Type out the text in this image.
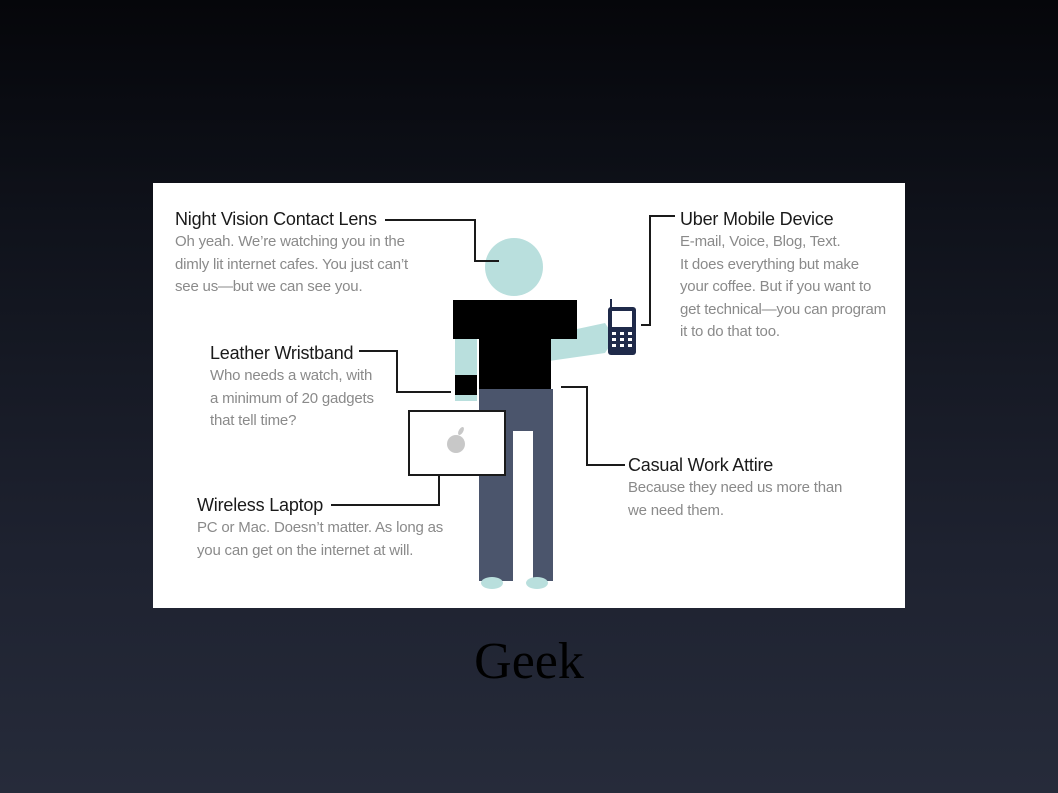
Night Vision Contact Lens
Oh yeah. We’re watching you in the
dimly lit internet cafes. You just can’t
see us—but we can see you.
Uber Mobile Device
E-mail, Voice, Blog, Text.
It does everything but make
your coffee. But if you want to
get technical—you can program
it to do that too.
Leather Wristband
Who needs a watch, with
a minimum of 20 gadgets
that tell time?
Casual Work Attire
Because they need us more than
we need them.
Wireless Laptop
PC or Mac. Doesn’t matter. As long as
you can get on the internet at will.
Geek
